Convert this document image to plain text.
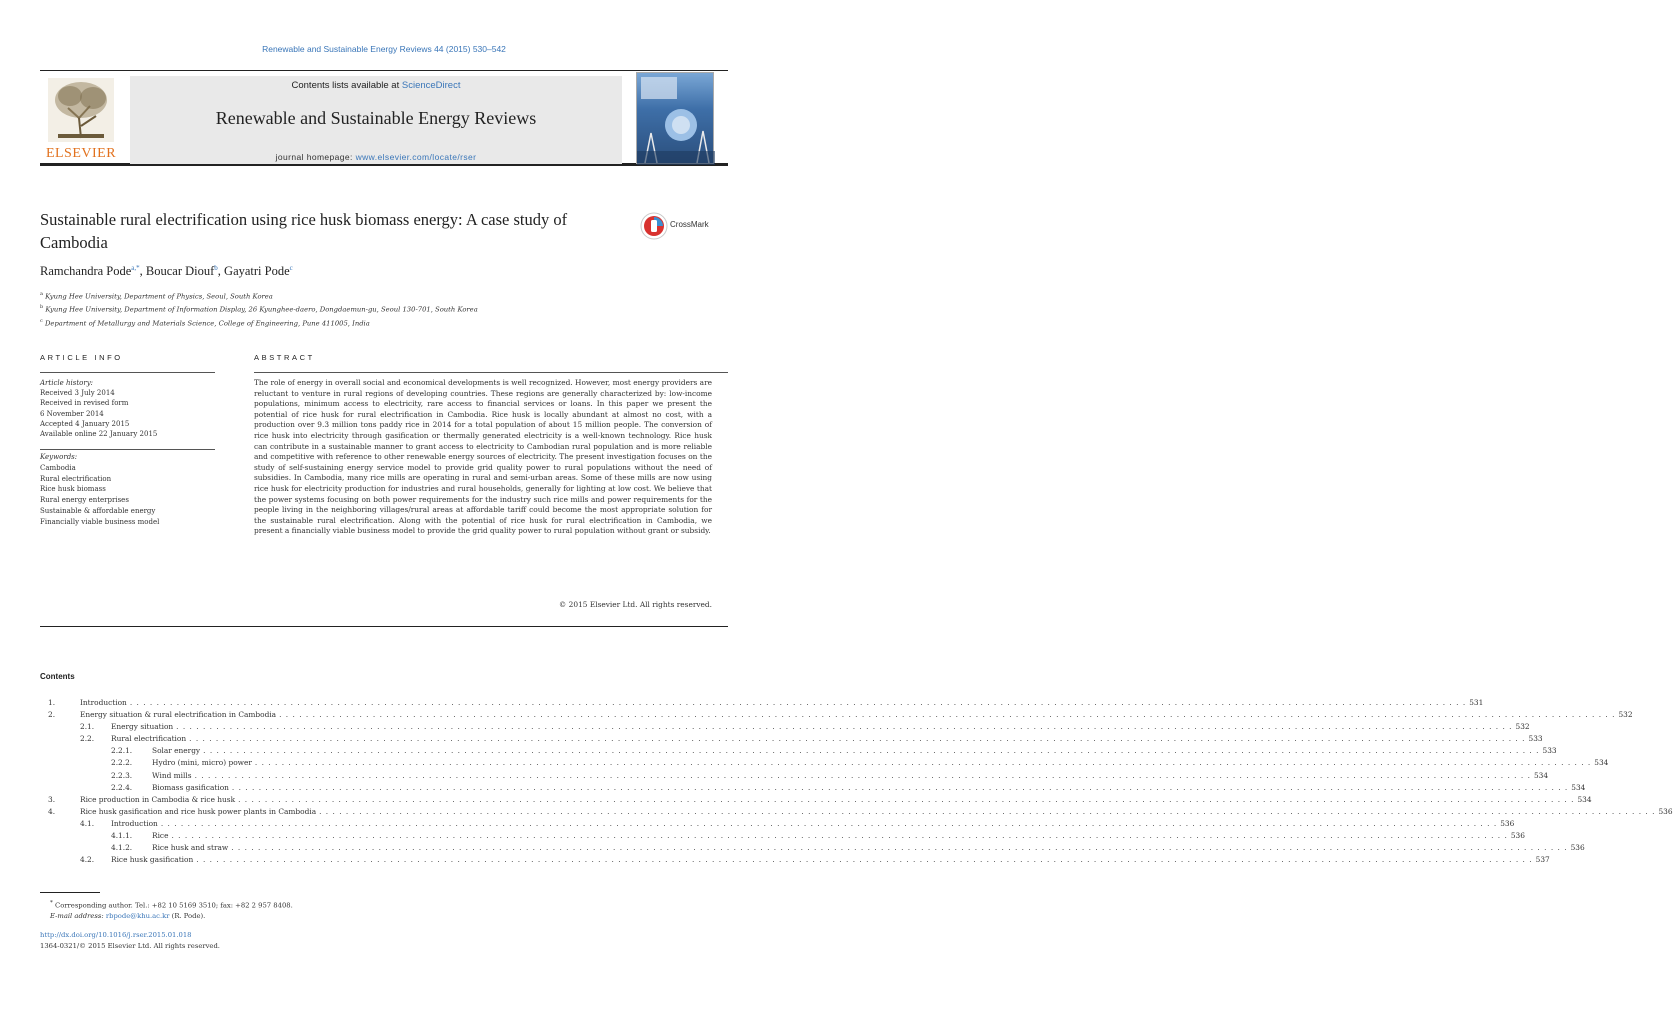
Renewable and Sustainable Energy Reviews 44 (2015) 530–542
ELSEVIER
Contents lists available at ScienceDirect
Renewable and Sustainable Energy Reviews
journal homepage: www.elsevier.com/locate/rser
Sustainable rural electrification using rice husk biomass energy: A case study of Cambodia
CrossMark
Ramchandra Pode$^{a,*}$, Boucar Diouf$^b$, Gayatri Pode$^c$
$^a$ Kyung Hee University, Department of Physics, Seoul, South Korea
$^b$ Kyung Hee University, Department of Information Display, 26 Kyunghee-daero, Dongdaemun-gu, Seoul 130-701, South Korea
$^c$ Department of Metallurgy and Materials Science, College of Engineering, Pune 411005, India
ARTICLE INFO
Article history:
Received 3 July 2014
Received in revised form
6 November 2014
Accepted 4 January 2015
Available online 22 January 2015
Keywords:
Cambodia
Rural electrification
Rice husk biomass
Rural energy enterprises
Sustainable & affordable energy
Financially viable business model
ABSTRACT
The role of energy in overall social and economical developments is well recognized. However, most energy providers are reluctant to venture in rural regions of developing countries. These regions are generally characterized by: low-income populations, minimum access to electricity, rare access to financial services or loans. In this paper we present the potential of rice husk for rural electrification in Cambodia. Rice husk is locally abundant at almost no cost, with a production over 9.3 million tons paddy rice in 2014 for a total population of about 15 million people. The conversion of rice husk into electricity through gasification or thermally generated electricity is a well-known technology. Rice husk can contribute in a sustainable manner to grant access to electricity to Cambodian rural population and is more reliable and competitive with reference to other renewable energy sources of electricity. The present investigation focuses on the study of self-sustaining energy service model to provide grid quality power to rural populations without the need of subsidies. In Cambodia, many rice mills are operating in rural and semi-urban areas. Some of these mills are now using rice husk for electricity production for industries and rural households, generally for lighting at low cost. We believe that the power systems focusing on both power requirements for the industry such rice mills and power requirements for the people living in the neighboring villages/rural areas at affordable tariff could become the most appropriate solution for the sustainable rural electrification. Along with the potential of rice husk for rural electrification in Cambodia, we present a financially viable business model to provide the grid quality power to rural population without grant or subsidy.
© 2015 Elsevier Ltd. All rights reserved.
Contents
1.	Introduction . . . . . . . . . . . . . . . . . . . . . . . . . . . . . . . . . . . . . . . . . . . . . . . . . . . . . . . . . . . . . . . . . . . . . . . . . . . . . . . . . . . . . . . . . . . . . . . . . . . . . . . . . . . . . . . . . . . . . . . . . . . . . . . . . . . . . . . . . . . . . . . . . . . . . . . . . . . . . . . . . . . . . . . . . . . . . . . . . . . . . . . . . . . . . . . . . . . . . . . . 531
2.	Energy situation & rural electrification in Cambodia . . . . . . . . . . . . . . . . . . . . . . . . . . . . . . . . . . . . . . . . . . . . . . . . . . . . . . . . . . . . . . . . . . . . . . . . . . . . . . . . . . . . . . . . . . . . . . . . . . . . . . . . . . . . . . . . . . . . . . . . . . . . . . . . . . . . . . . . . . . . . . . . . . . . . . . . . . . . . . . . . . . . . . . . . . . . . . . . . . . . . . . . . . . . . . . . . . . . . . . . 532
2.1.	Energy situation . . . . . . . . . . . . . . . . . . . . . . . . . . . . . . . . . . . . . . . . . . . . . . . . . . . . . . . . . . . . . . . . . . . . . . . . . . . . . . . . . . . . . . . . . . . . . . . . . . . . . . . . . . . . . . . . . . . . . . . . . . . . . . . . . . . . . . . . . . . . . . . . . . . . . . . . . . . . . . . . . . . . . . . . . . . . . . . . . . . . . . . . . . . . . . . . . . . . . . . . 532
2.2.	Rural electrification . . . . . . . . . . . . . . . . . . . . . . . . . . . . . . . . . . . . . . . . . . . . . . . . . . . . . . . . . . . . . . . . . . . . . . . . . . . . . . . . . . . . . . . . . . . . . . . . . . . . . . . . . . . . . . . . . . . . . . . . . . . . . . . . . . . . . . . . . . . . . . . . . . . . . . . . . . . . . . . . . . . . . . . . . . . . . . . . . . . . . . . . . . . . . . . . . . . . . . . . 533
2.2.1.	Solar energy . . . . . . . . . . . . . . . . . . . . . . . . . . . . . . . . . . . . . . . . . . . . . . . . . . . . . . . . . . . . . . . . . . . . . . . . . . . . . . . . . . . . . . . . . . . . . . . . . . . . . . . . . . . . . . . . . . . . . . . . . . . . . . . . . . . . . . . . . . . . . . . . . . . . . . . . . . . . . . . . . . . . . . . . . . . . . . . . . . . . . . . . . . . . . . . . . . . . . . . . 533
2.2.2.	Hydro (mini, micro) power . . . . . . . . . . . . . . . . . . . . . . . . . . . . . . . . . . . . . . . . . . . . . . . . . . . . . . . . . . . . . . . . . . . . . . . . . . . . . . . . . . . . . . . . . . . . . . . . . . . . . . . . . . . . . . . . . . . . . . . . . . . . . . . . . . . . . . . . . . . . . . . . . . . . . . . . . . . . . . . . . . . . . . . . . . . . . . . . . . . . . . . . . . . . . . . . . . . . . . . . 534
2.2.3.	Wind mills . . . . . . . . . . . . . . . . . . . . . . . . . . . . . . . . . . . . . . . . . . . . . . . . . . . . . . . . . . . . . . . . . . . . . . . . . . . . . . . . . . . . . . . . . . . . . . . . . . . . . . . . . . . . . . . . . . . . . . . . . . . . . . . . . . . . . . . . . . . . . . . . . . . . . . . . . . . . . . . . . . . . . . . . . . . . . . . . . . . . . . . . . . . . . . . . . . . . . . . . 534
2.2.4.	Biomass gasification . . . . . . . . . . . . . . . . . . . . . . . . . . . . . . . . . . . . . . . . . . . . . . . . . . . . . . . . . . . . . . . . . . . . . . . . . . . . . . . . . . . . . . . . . . . . . . . . . . . . . . . . . . . . . . . . . . . . . . . . . . . . . . . . . . . . . . . . . . . . . . . . . . . . . . . . . . . . . . . . . . . . . . . . . . . . . . . . . . . . . . . . . . . . . . . . . . . . . . . . 534
3.	Rice production in Cambodia & rice husk . . . . . . . . . . . . . . . . . . . . . . . . . . . . . . . . . . . . . . . . . . . . . . . . . . . . . . . . . . . . . . . . . . . . . . . . . . . . . . . . . . . . . . . . . . . . . . . . . . . . . . . . . . . . . . . . . . . . . . . . . . . . . . . . . . . . . . . . . . . . . . . . . . . . . . . . . . . . . . . . . . . . . . . . . . . . . . . . . . . . . . . . . . . . . . . . . . . . . . . . 534
4.	Rice husk gasification and rice husk power plants in Cambodia . . . . . . . . . . . . . . . . . . . . . . . . . . . . . . . . . . . . . . . . . . . . . . . . . . . . . . . . . . . . . . . . . . . . . . . . . . . . . . . . . . . . . . . . . . . . . . . . . . . . . . . . . . . . . . . . . . . . . . . . . . . . . . . . . . . . . . . . . . . . . . . . . . . . . . . . . . . . . . . . . . . . . . . . . . . . . . . . . . . . . . . . . . . . . . . . . . . . . . . . 536
4.1.	Introduction . . . . . . . . . . . . . . . . . . . . . . . . . . . . . . . . . . . . . . . . . . . . . . . . . . . . . . . . . . . . . . . . . . . . . . . . . . . . . . . . . . . . . . . . . . . . . . . . . . . . . . . . . . . . . . . . . . . . . . . . . . . . . . . . . . . . . . . . . . . . . . . . . . . . . . . . . . . . . . . . . . . . . . . . . . . . . . . . . . . . . . . . . . . . . . . . . . . . . . . . 536
4.1.1.	Rice . . . . . . . . . . . . . . . . . . . . . . . . . . . . . . . . . . . . . . . . . . . . . . . . . . . . . . . . . . . . . . . . . . . . . . . . . . . . . . . . . . . . . . . . . . . . . . . . . . . . . . . . . . . . . . . . . . . . . . . . . . . . . . . . . . . . . . . . . . . . . . . . . . . . . . . . . . . . . . . . . . . . . . . . . . . . . . . . . . . . . . . . . . . . . . . . . . . . . . . . 536
4.1.2.	Rice husk and straw . . . . . . . . . . . . . . . . . . . . . . . . . . . . . . . . . . . . . . . . . . . . . . . . . . . . . . . . . . . . . . . . . . . . . . . . . . . . . . . . . . . . . . . . . . . . . . . . . . . . . . . . . . . . . . . . . . . . . . . . . . . . . . . . . . . . . . . . . . . . . . . . . . . . . . . . . . . . . . . . . . . . . . . . . . . . . . . . . . . . . . . . . . . . . . . . . . . . . . . . 536
4.2.	Rice husk gasification . . . . . . . . . . . . . . . . . . . . . . . . . . . . . . . . . . . . . . . . . . . . . . . . . . . . . . . . . . . . . . . . . . . . . . . . . . . . . . . . . . . . . . . . . . . . . . . . . . . . . . . . . . . . . . . . . . . . . . . . . . . . . . . . . . . . . . . . . . . . . . . . . . . . . . . . . . . . . . . . . . . . . . . . . . . . . . . . . . . . . . . . . . . . . . . . . . . . . . . . 537
* Corresponding author. Tel.: +82 10 5169 3510; fax: +82 2 957 8408.
E-mail address: rbpode@khu.ac.kr (R. Pode).
http://dx.doi.org/10.1016/j.rser.2015.01.018
1364-0321/© 2015 Elsevier Ltd. All rights reserved.
